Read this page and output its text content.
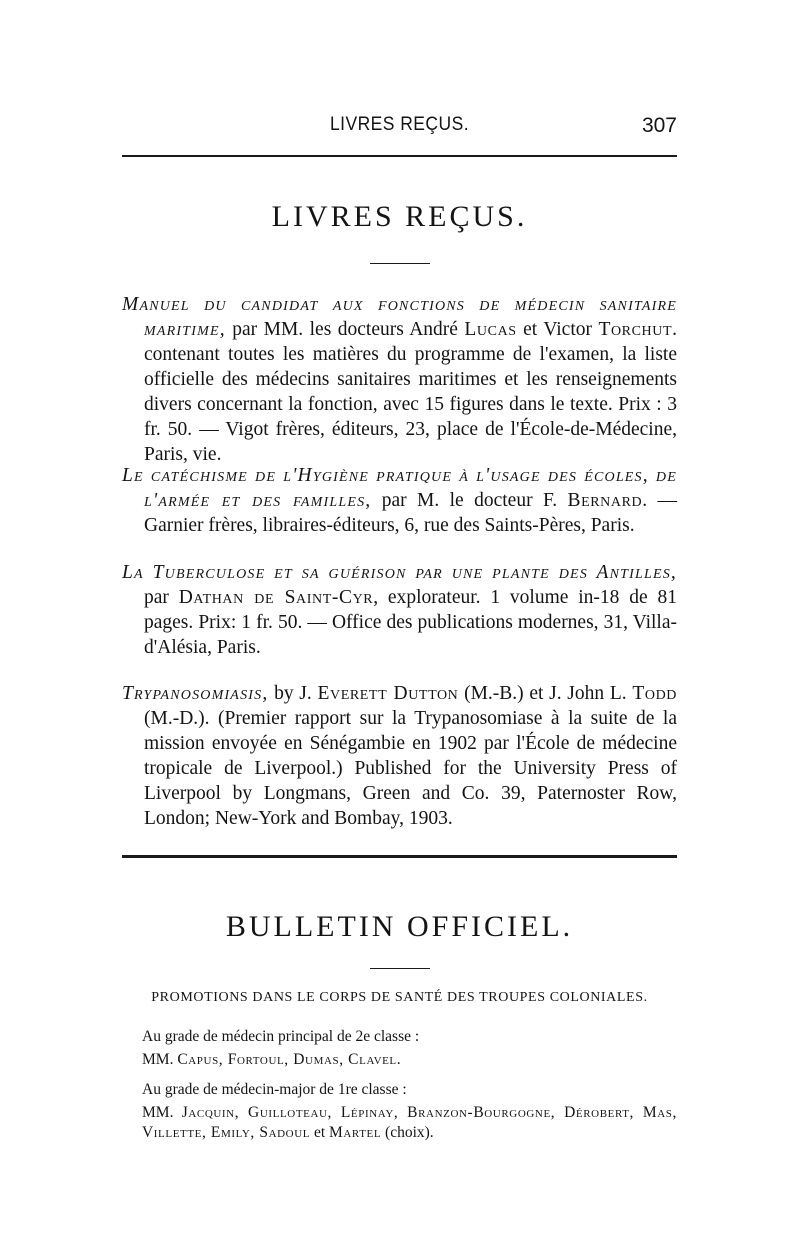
LIVRES REÇUS.	307
LIVRES REÇUS.
Manuel du candidat aux fonctions de médecin sanitaire maritime, par MM. les docteurs André Lucas et Victor Torchut. contenant toutes les matières du programme de l'examen, la liste officielle des médecins sanitaires maritimes et les renseignements divers concernant la fonction, avec 15 figures dans le texte. Prix : 3 fr. 50. — Vigot frères, éditeurs, 23, place de l'École-de-Médecine, Paris, vie.
Le catéchisme de l'Hygiène pratique à l'usage des écoles, de l'armée et des familles, par M. le docteur F. Bernard. — Garnier frères, libraires-éditeurs, 6, rue des Saints-Pères, Paris.
La Tuberculose et sa guérison par une plante des Antilles, par Dathan de Saint-Cyr, explorateur. 1 volume in-18 de 81 pages. Prix: 1 fr. 50. — Office des publications modernes, 31, Villa-d'Alésia, Paris.
Trypanosomiasis, by J. Everett Dutton (M.-B.) et J. John L. Todd (M.-D.). (Premier rapport sur la Trypanosomiase à la suite de la mission envoyée en Sénégambie en 1902 par l'École de médecine tropicale de Liverpool.) Published for the University Press of Liverpool by Longmans, Green and Co. 39, Paternoster Row, London; New-York and Bombay, 1903.
BULLETIN OFFICIEL.
PROMOTIONS DANS LE CORPS DE SANTÉ DES TROUPES COLONIALES.
Au grade de médecin principal de 2e classe :
MM. Capus, Fortoul, Dumas, Clavel.
Au grade de médecin-major de 1re classe :
MM. Jacquin, Guilloteau, Lépinay, Branzon-Bourgogne, Dérobert, Mas, Villette, Emily, Sadoul et Martel (choix).
